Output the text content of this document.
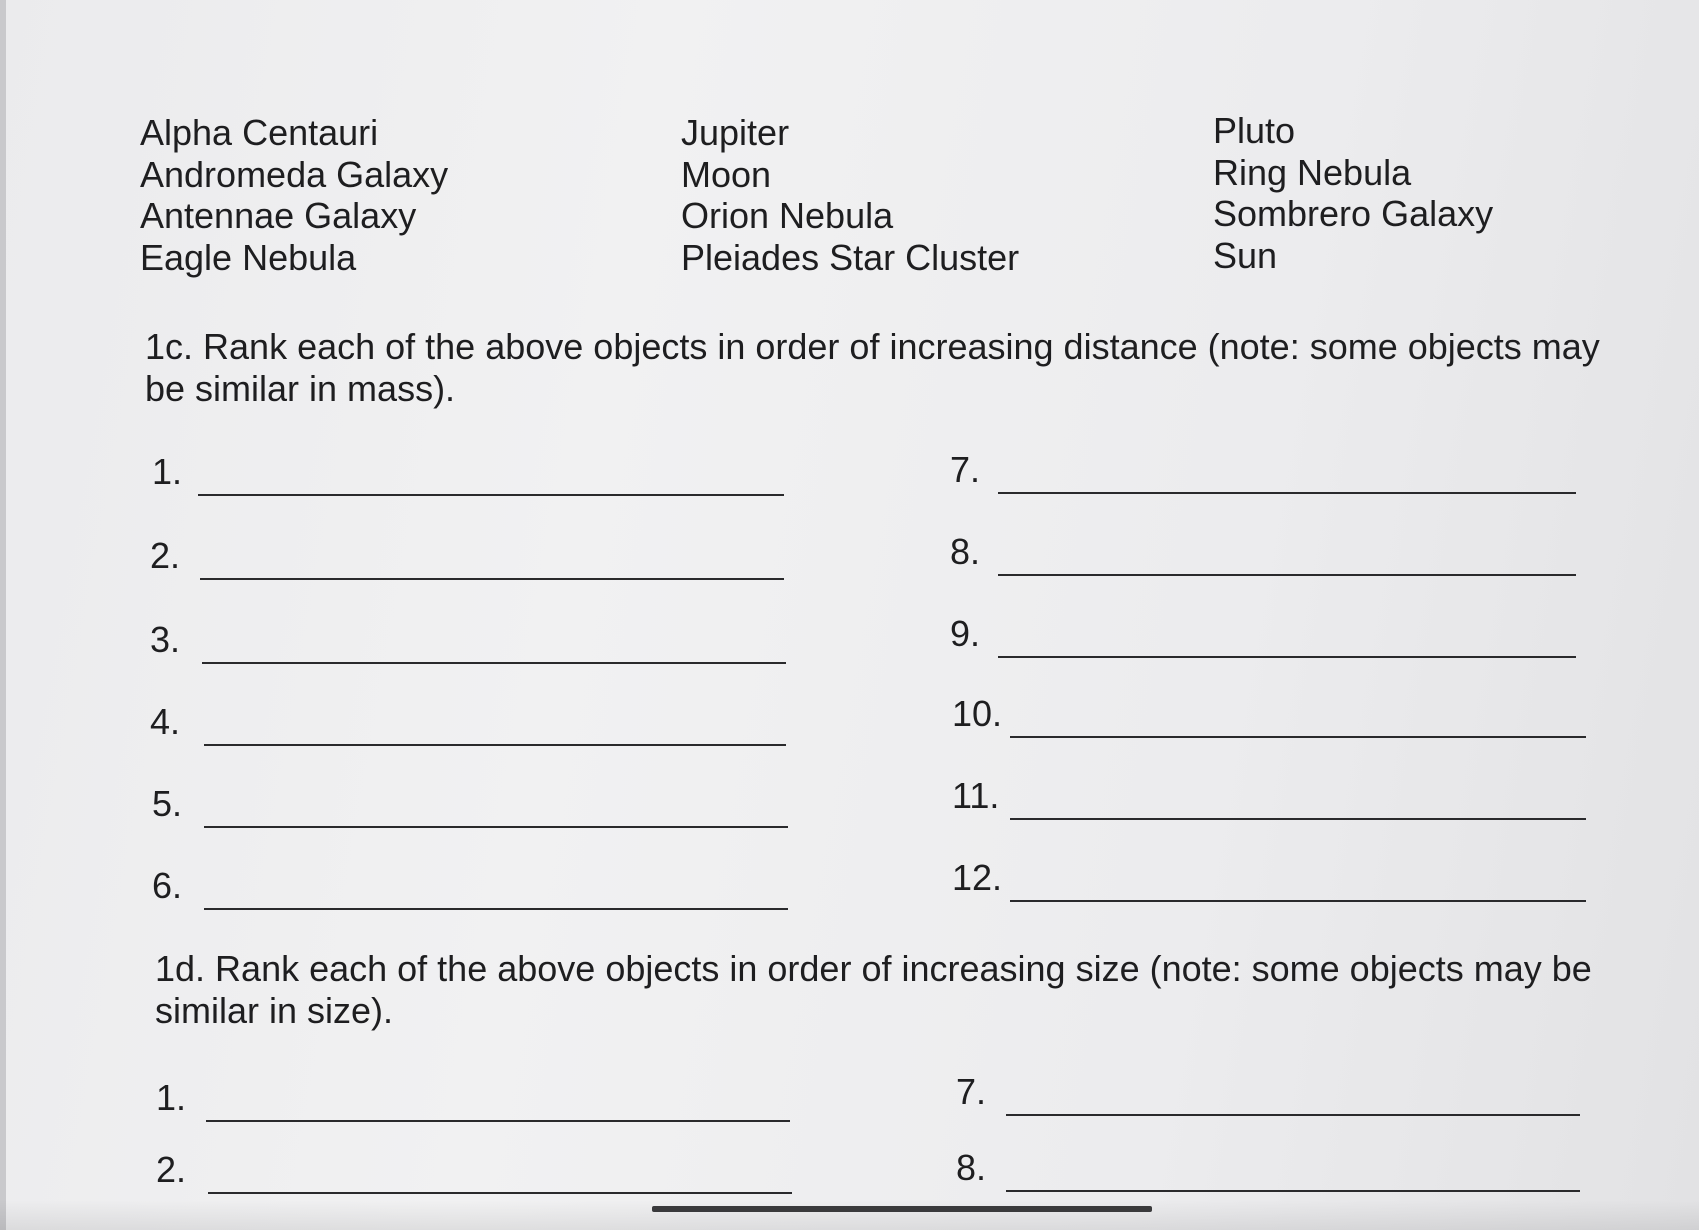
Alpha Centauri
Andromeda Galaxy
Antennae Galaxy
Eagle Nebula
Jupiter
Moon
Orion Nebula
Pleiades Star Cluster
Pluto
Ring Nebula
Sombrero Galaxy
Sun
1c. Rank each of the above objects in order of increasing distance (note: some objects may
be similar in mass).
1.
2.
3.
4.
5.
6.
7.
8.
9.
10.
11.
12.
1d. Rank each of the above objects in order of increasing size (note: some objects may be
similar in size).
1.
2.
7.
8.
